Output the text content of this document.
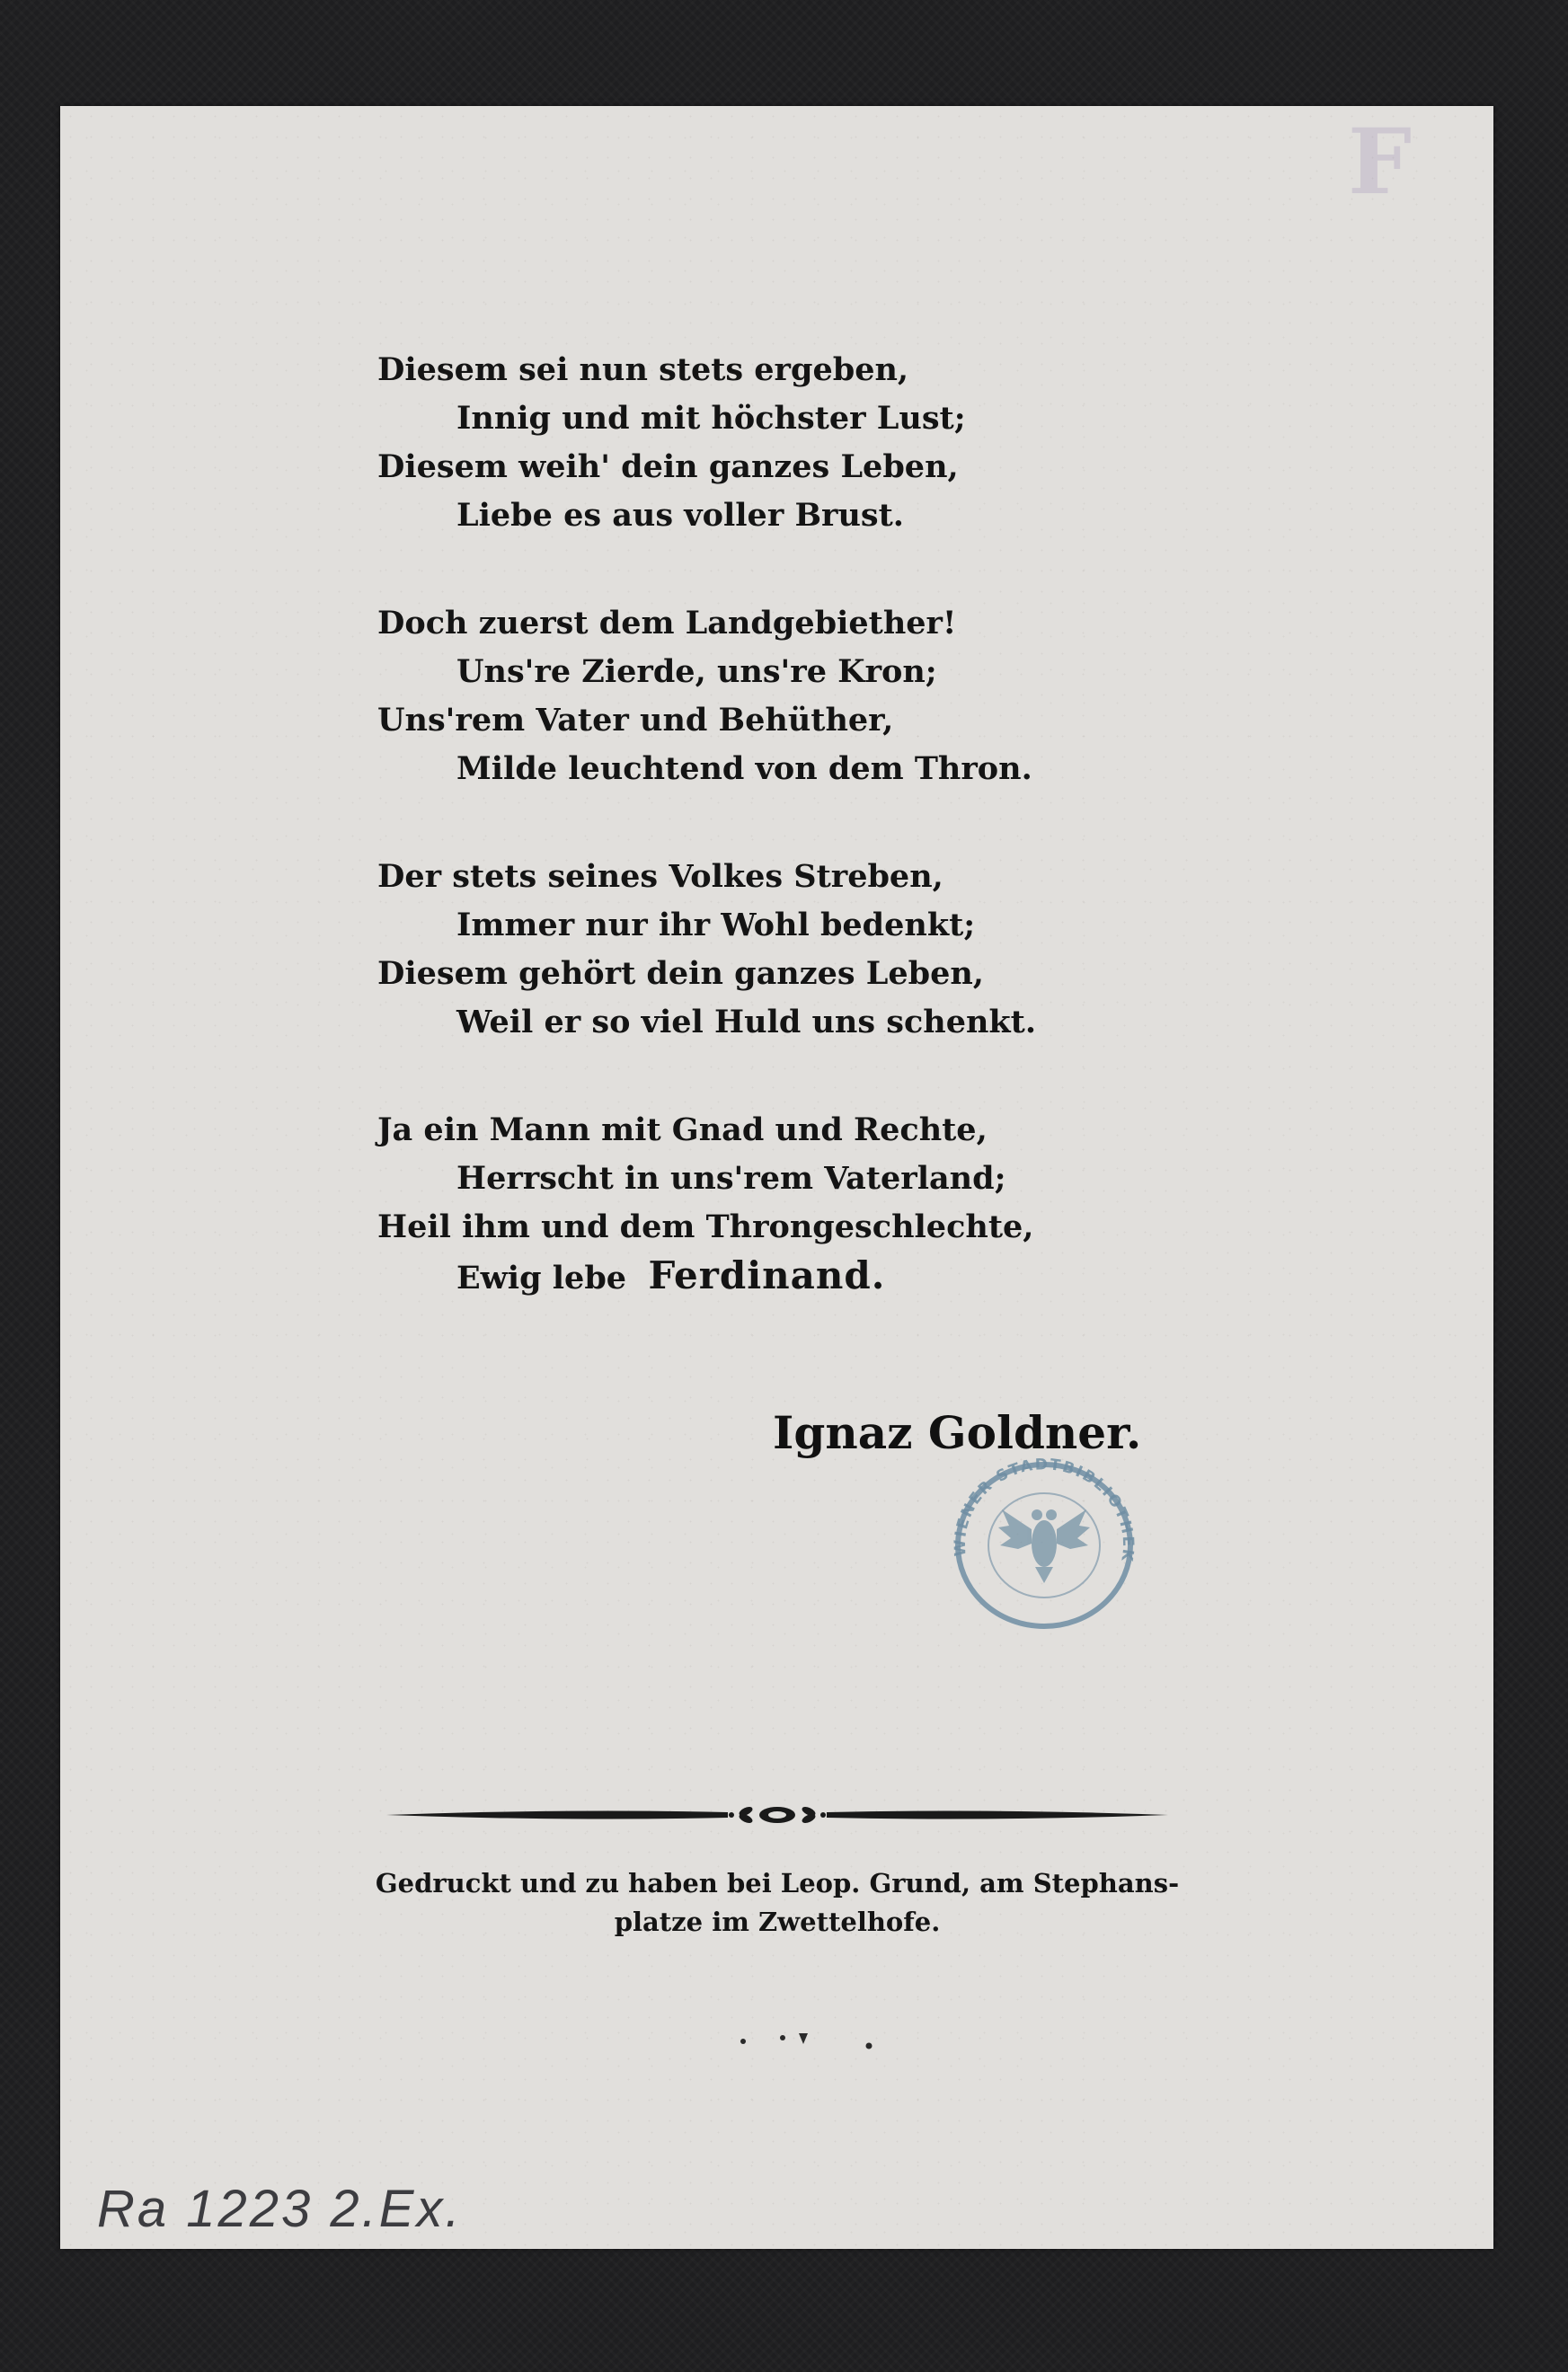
F
Diesem sei nun stets ergeben,
Innig und mit höchster Lust;
Diesem weih' dein ganzes Leben,
Liebe es aus voller Brust.
Doch zuerst dem Landgebiether!
Uns're Zierde, uns're Kron;
Uns'rem Vater und Behüther,
Milde leuchtend von dem Thron.
Der stets seines Volkes Streben,
Immer nur ihr Wohl bedenkt;
Diesem gehört dein ganzes Leben,
Weil er so viel Huld uns schenkt.
Ja ein Mann mit Gnad und Rechte,
Herrscht in uns'rem Vaterland;
Heil ihm und dem Throngeschlechte,
Ewig lebe Ferdinand.
Ignaz Goldner.
WIENER STADTBIBLIOTHEK
Gedruckt und zu haben bei Leop. Grund, am Stephans-
platze im Zwettelhofe.
Ra 1223 2.Ex.
